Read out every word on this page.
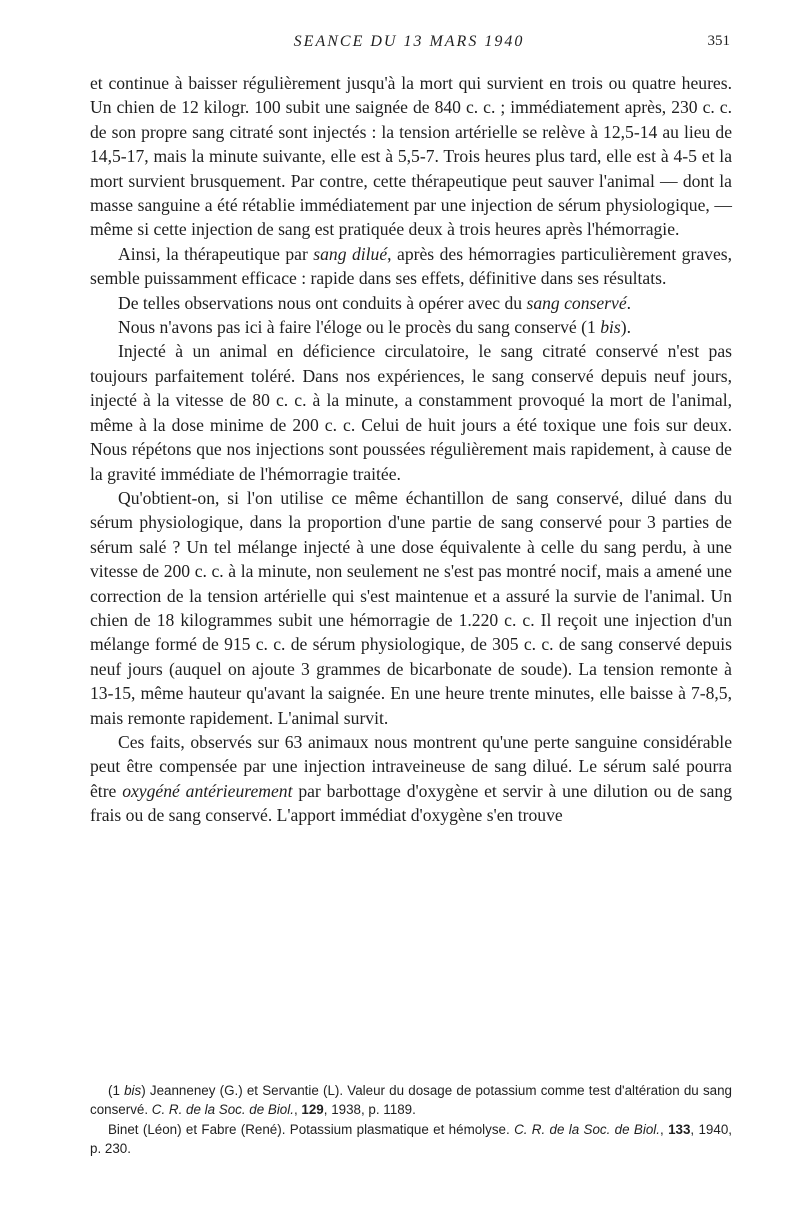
SEANCE DU 13 MARS 1940	351

et continue à baisser régulièrement jusqu'à la mort qui survient en trois ou quatre heures. Un chien de 12 kilogr. 100 subit une saignée de 840 c. c. ; immédiatement après, 230 c. c. de son propre sang citraté sont injectés : la tension artérielle se relève à 12,5-14 au lieu de 14,5-17, mais la minute suivante, elle est à 5,5-7. Trois heures plus tard, elle est à 4-5 et la mort survient brusquement. Par contre, cette thérapeutique peut sauver l'animal — dont la masse sanguine a été rétablie immédiatement par une injection de sérum physiologique, — même si cette injection de sang est pratiquée deux à trois heures après l'hémorragie.

Ainsi, la thérapeutique par sang dilué, après des hémorragies particulièrement graves, semble puissamment efficace : rapide dans ses effets, définitive dans ses résultats.

De telles observations nous ont conduits à opérer avec du sang conservé.

Nous n'avons pas ici à faire l'éloge ou le procès du sang conservé (1 bis).

Injecté à un animal en déficience circulatoire, le sang citraté conservé n'est pas toujours parfaitement toléré. Dans nos expériences, le sang conservé depuis neuf jours, injecté à la vitesse de 80 c. c. à la minute, a constamment provoqué la mort de l'animal, même à la dose minime de 200 c. c. Celui de huit jours a été toxique une fois sur deux. Nous répétons que nos injections sont poussées régulièrement mais rapidement, à cause de la gravité immédiate de l'hémorragie traitée.

Qu'obtient-on, si l'on utilise ce même échantillon de sang conservé, dilué dans du sérum physiologique, dans la proportion d'une partie de sang conservé pour 3 parties de sérum salé ? Un tel mélange injecté à une dose équivalente à celle du sang perdu, à une vitesse de 200 c. c. à la minute, non seulement ne s'est pas montré nocif, mais a amené une correction de la tension artérielle qui s'est maintenue et a assuré la survie de l'animal. Un chien de 18 kilogrammes subit une hémorragie de 1.220 c. c. Il reçoit une injection d'un mélange formé de 915 c. c. de sérum physiologique, de 305 c. c. de sang conservé depuis neuf jours (auquel on ajoute 3 grammes de bicarbonate de soude). La tension remonte à 13-15, même hauteur qu'avant la saignée. En une heure trente minutes, elle baisse à 7-8,5, mais remonte rapidement. L'animal survit.

Ces faits, observés sur 63 animaux nous montrent qu'une perte sanguine considérable peut être compensée par une injection intraveineuse de sang dilué. Le sérum salé pourra être oxygéné antérieurement par barbottage d'oxygène et servir à une dilution ou de sang frais ou de sang conservé. L'apport immédiat d'oxygène s'en trouve

(1 bis) Jeanneney (G.) et Servantie (L). Valeur du dosage de potassium comme test d'altération du sang conservé. C. R. de la Soc. de Biol., 129, 1938, p. 1189.

Binet (Léon) et Fabre (René). Potassium plasmatique et hémolyse. C. R. de la Soc. de Biol., 133, 1940, p. 230.
